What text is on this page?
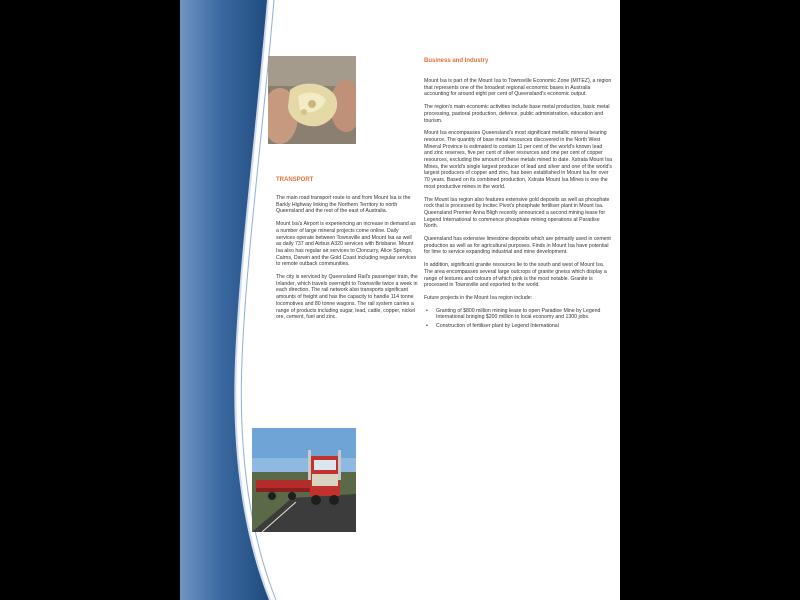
TRANSPORT

The main road transport route to and from Mount Isa is the Barkly Highway linking the Northern Territory to north Queensland and the rest of the east of Australia.

Mount Isa's Airport is experiencing an increase in demand as a number of large mineral projects come online. Daily services operate between Townsville and Mount Isa as well as daily 737 and Airbus A320 services with Brisbane. Mount Isa also has regular air services to Cloncurry, Alice Springs, Cairns, Darwin and the Gold Coast including regular services to remote outback communities.

The city is serviced by Queensland Rail's passenger train, the Inlander, which travels overnight to Townsville twice a week in each direction. The rail network also transports significant amounts of freight and has the capacity to handle 114 tonne locomotives and 80 tonne wagons. The rail system carries a range of products including sugar, lead, cattle, copper, nickel ore, cement, fuel and zinc.

Business and Industry

Mount Isa is part of the Mount Isa to Townsville Economic Zone (MITEZ), a region that represents one of the broadest regional economic bases in Australia accounting for around eight per cent of Queensland's economic output.

The region's main economic activities include base metal production, basic metal processing, pastoral production, defence, public administration, education and tourism.

Mount Isa encompasses Queensland's most significant metallic mineral bearing resource. The quantity of base metal resources discovered in the North West Mineral Province is estimated to contain 11 per cent of the world's known lead and zinc reserves, five per cent of silver resources and one per cent of copper resources, excluding the amount of these metals mined to date. Xstrata Mount Isa Mines, the world's single largest producer of lead and silver and one of the world's largest producers of copper and zinc, has been established in Mount Isa for over 70 years. Based on its combined production, Xstrata Mount Isa Mines is one the most productive mines in the world.

The Mount Isa region also features extensive gold deposits as well as phosphate rock that is processed by Incitec Pivot's phosphate fertiliser plant in Mount Isa. Queensland Premier Anna Bligh recently announced a second mining lease for Legend International to commence phosphate mining operations at Paradise North.

Queensland has extensive limestone deposits which are primarily used in cement production as well as for agricultural purposes. Finds in Mount Isa have potential for lime to service expanding industrial and mine development.

In addition, significant granite resources lie to the south and west of Mount Isa. The area encompasses several large outcrops of granite gneiss which display a range of textures and colours of which pink is the most notable. Granite is processed in Townsville and exported to the world.

Future projects in the Mount Isa region include:

• Granting of $800 million mining lease to open Paradise Mine by Legend International bringing $200 million to local economy and 1300 jobs.
• Construction of fertiliser plant by Legend International
